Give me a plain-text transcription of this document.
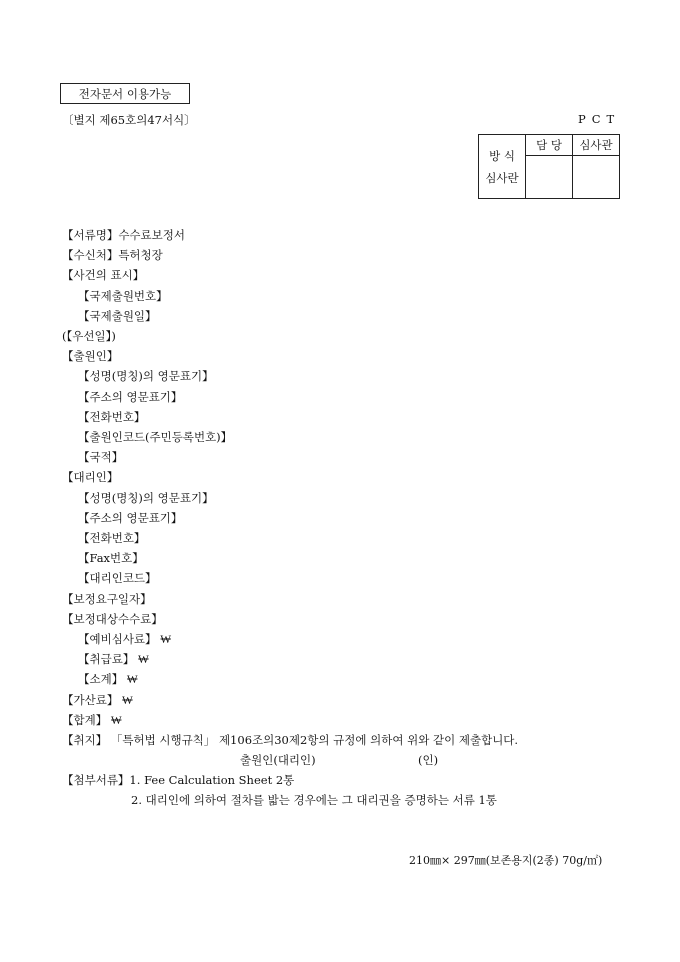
전자문서 이용가능
〔별지 제65호의47서식〕	PCT
방 식
심사란	담 당	심사관

【서류명】수수료보정서
【수신처】특허청장
【사건의 표시】
【국제출원번호】
【국제출원일】
(【우선일】)
【출원인】
【성명(명칭)의 영문표기】
【주소의 영문표기】
【전화번호】
【출원인코드(주민등록번호)】
【국적】
【대리인】
【성명(명칭)의 영문표기】
【주소의 영문표기】
【전화번호】
【Fax번호】
【대리인코드】
【보정요구일자】
【보정대상수수료】
【예비심사료】 ₩
【취급료】 ₩
【소계】 ₩
【가산료】 ₩
【합계】 ₩
【취지】 「특허법 시행규칙」 제106조의30제2항의 규정에 의하여 위와 같이 제출합니다.
출원인(대리인)	(인)
【첨부서류】1. Fee Calculation Sheet 2통
2. 대리인에 의하여 절차를 밟는 경우에는 그 대리권을 증명하는 서류 1통
210㎜× 297㎜(보존용지(2종) 70g/㎡)
